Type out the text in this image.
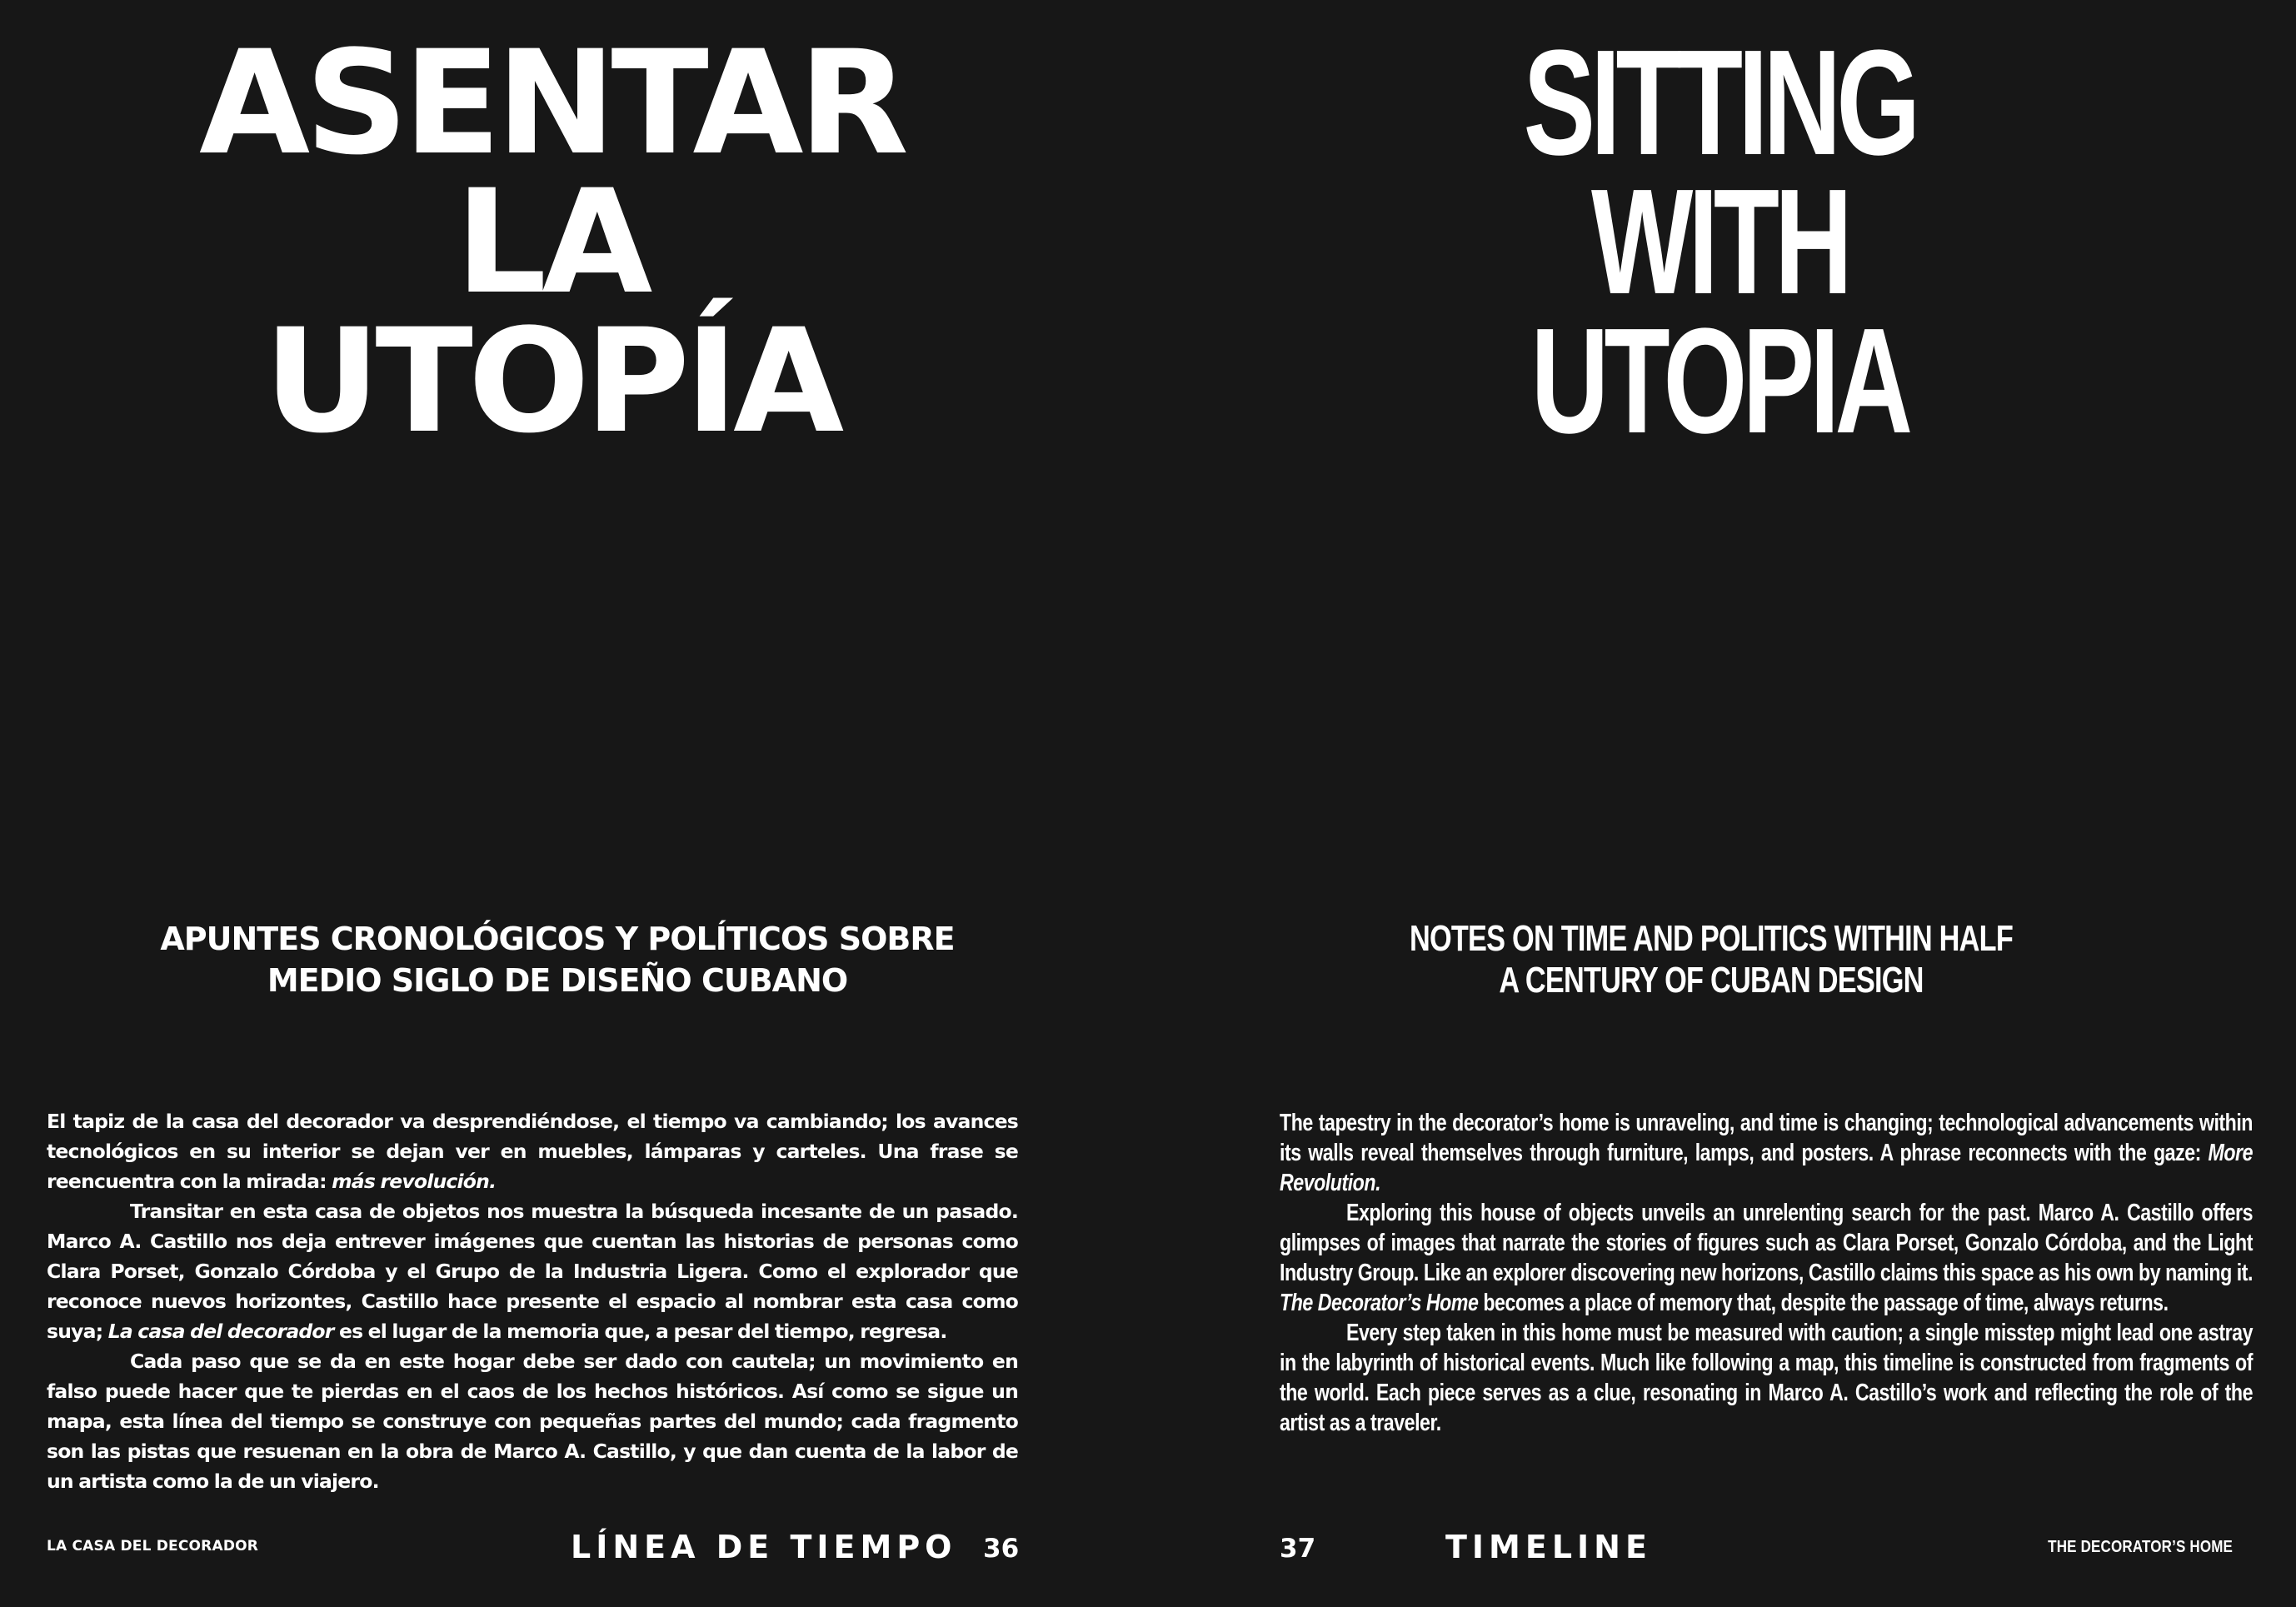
ASENTAR
LA
UTOPÍA
APUNTES CRONOLÓGICOS Y POLÍTICOS SOBRE
MEDIO SIGLO DE DISEÑO CUBANO

El tapiz de la casa del decorador va desprendiéndose, el tiempo va cambiando; los avances tecnológicos en su interior se dejan ver en muebles, lámparas y carteles. Una frase se reencuentra con la mirada: más revolución.

Transitar en esta casa de objetos nos muestra la búsqueda incesante de un pasado. Marco A. Castillo nos deja entrever imágenes que cuentan las historias de personas como Clara Porset, Gonzalo Córdoba y el Grupo de la Industria Ligera. Como el explorador que reconoce nuevos horizontes, Castillo hace presente el espacio al nombrar esta casa como suya; La casa del decorador es el lugar de la memoria que, a pesar del tiempo, regresa.

Cada paso que se da en este hogar debe ser dado con cautela; un movimiento en falso puede hacer que te pierdas en el caos de los hechos históricos. Así como se sigue un mapa, esta línea del tiempo se construye con pequeñas partes del mundo; cada fragmento son las pistas que resuenan en la obra de Marco A. Castillo, y que dan cuenta de la labor de un artista como la de un viajero.

LA CASA DEL DECORADOR	LÍNEA DE TIEMPO 36
SITTING
WITH
UTOPIA
NOTES ON TIME AND POLITICS WITHIN HALF
A CENTURY OF CUBAN DESIGN

The tapestry in the decorator’s home is unraveling, and time is changing; technological advancements within its walls reveal themselves through furniture, lamps, and posters. A phrase reconnects with the gaze: More Revolution.

Exploring this house of objects unveils an unrelenting search for the past. Marco A. Castillo offers glimpses of images that narrate the stories of figures such as Clara Porset, Gonzalo Córdoba, and the Light Industry Group. Like an explorer discovering new horizons, Castillo claims this space as his own by naming it. The Decorator’s Home becomes a place of memory that, despite the passage of time, always returns.

Every step taken in this home must be measured with caution; a single misstep might lead one astray in the labyrinth of historical events. Much like following a map, this timeline is constructed from fragments of the world. Each piece serves as a clue, resonating in Marco A. Castillo’s work and reflecting the role of the artist as a traveler.

37	TIMELINE	THE DECORATOR’S HOME
